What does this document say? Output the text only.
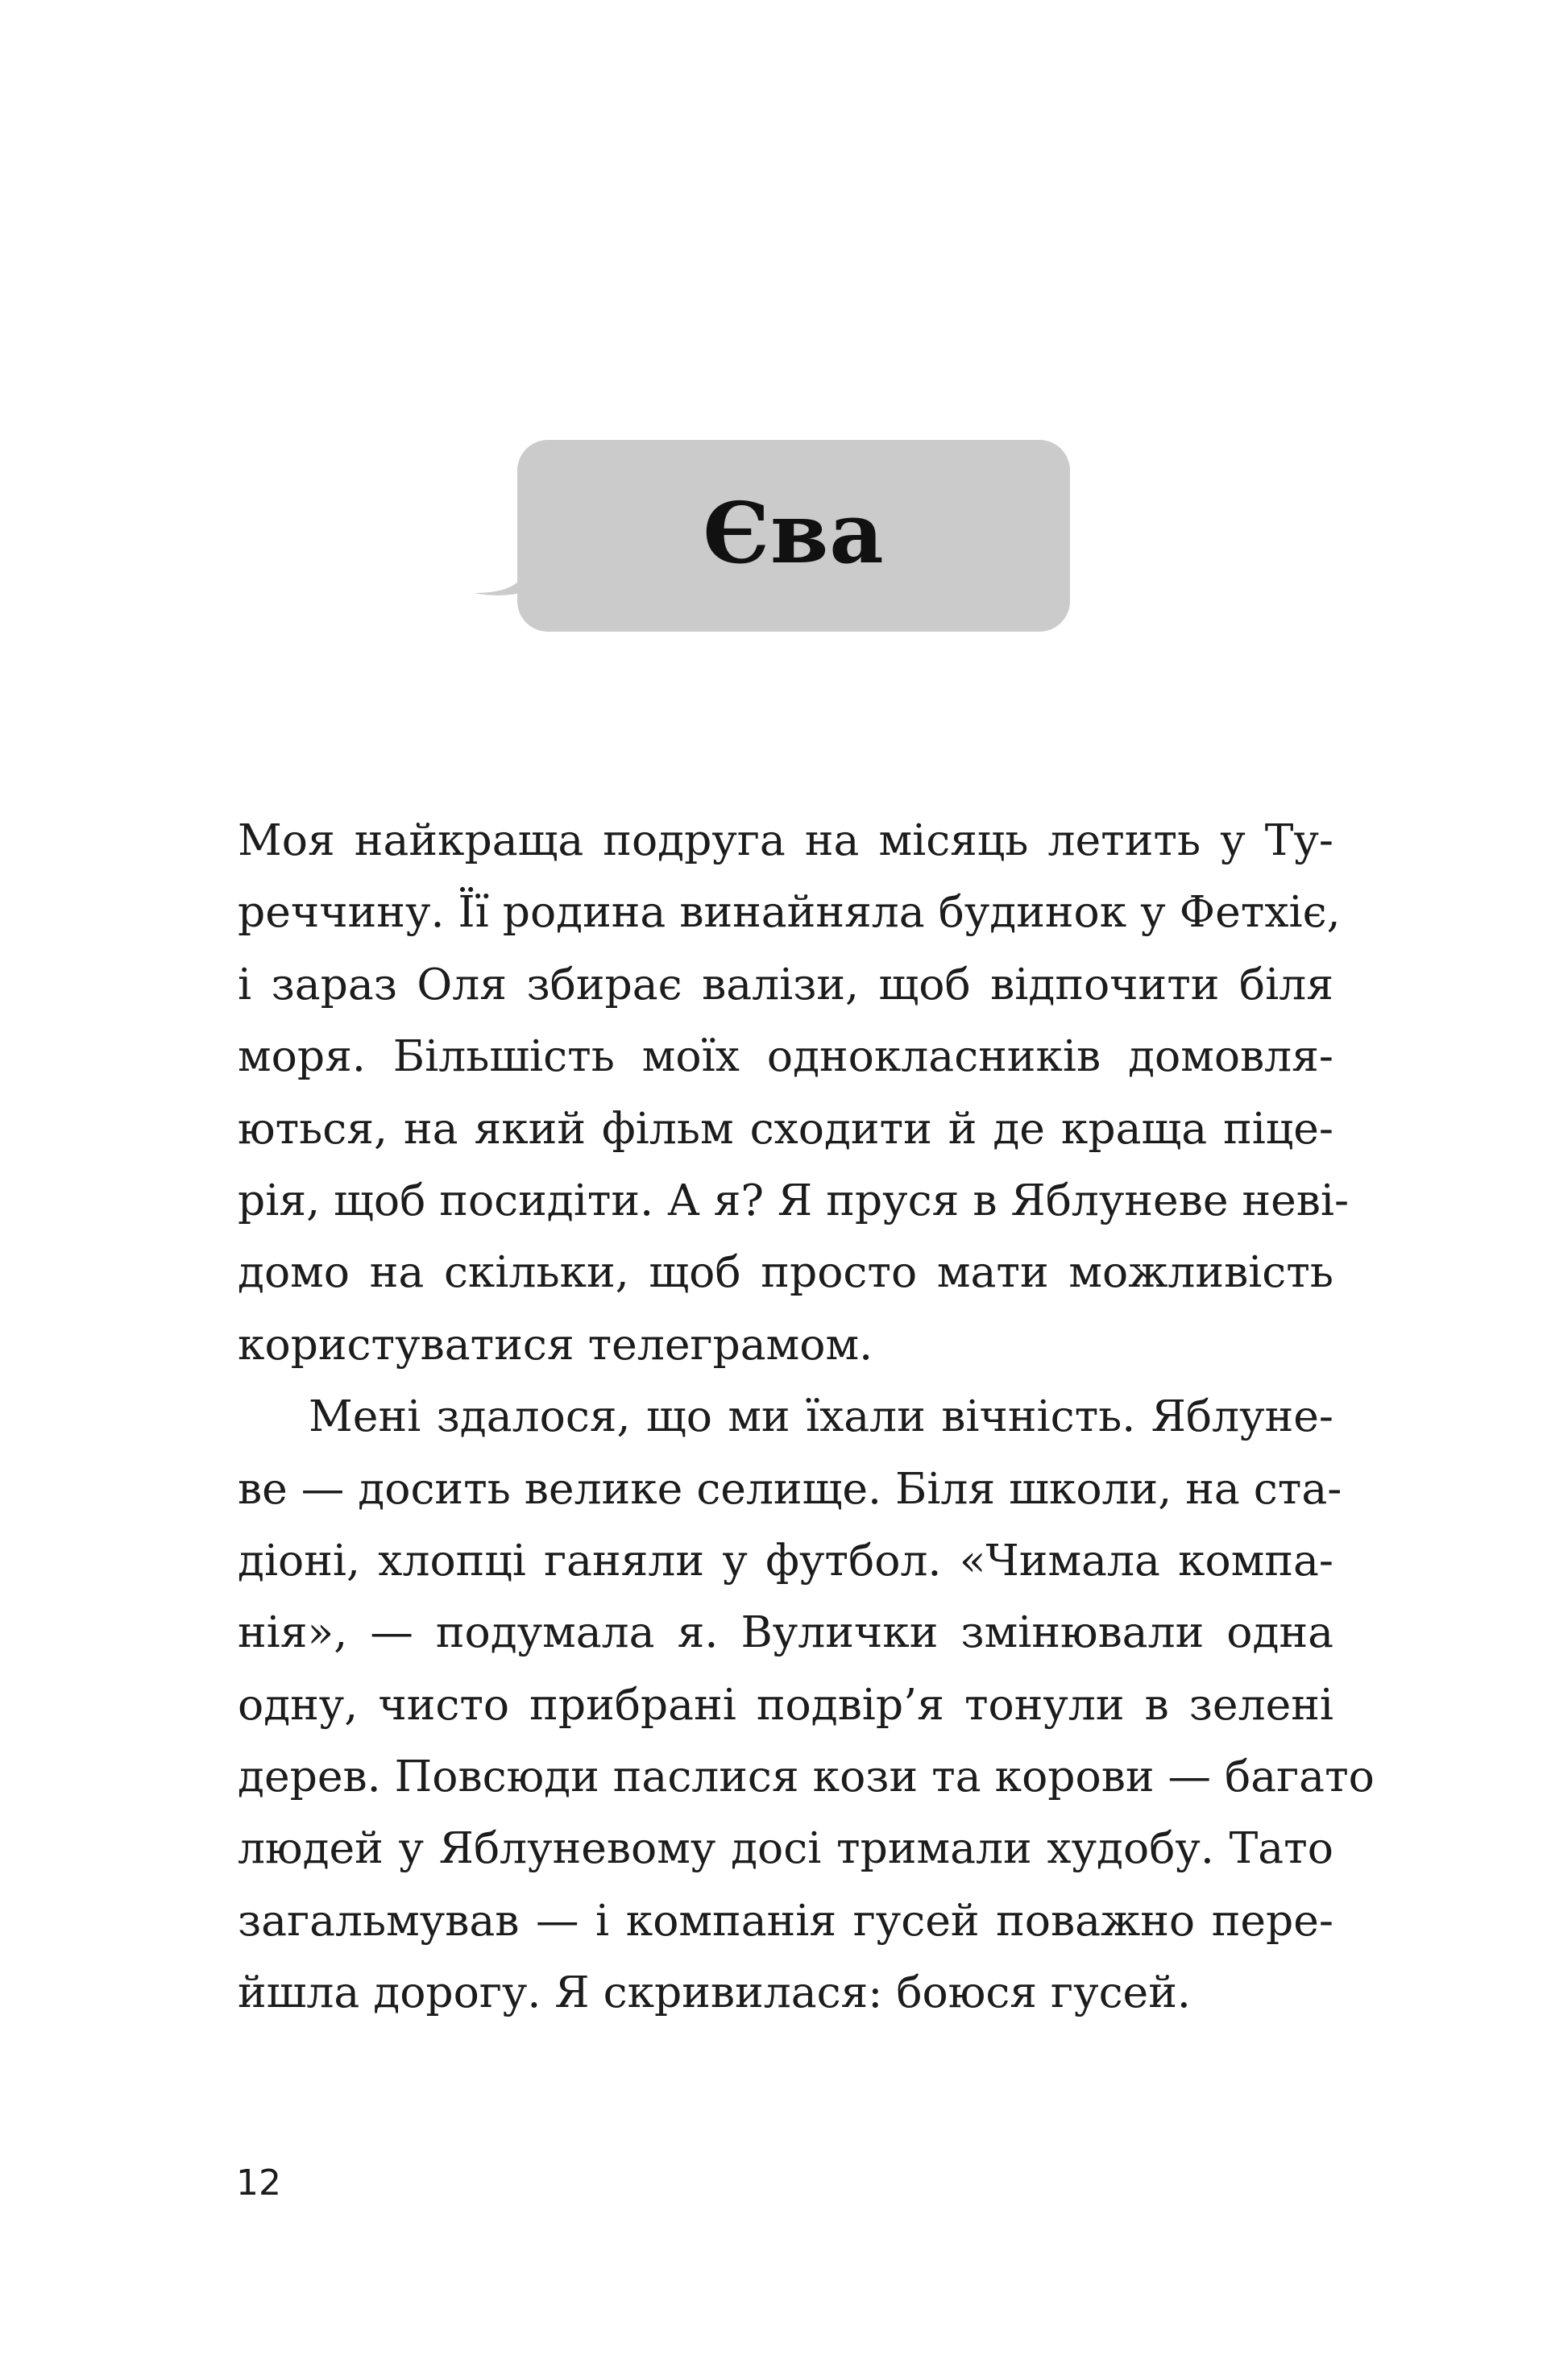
Єва
Моя найкраща подруга на місяць летить у Ту-
реччину. Її родина винайняла будинок у Фетхіє,
і зараз Оля збирає валізи, щоб відпочити біля
моря. Більшість моїх однокласників домовля-
ються, на який фільм сходити й де краща піце-
рія, щоб посидіти. А я? Я пруся в Яблуневе неві-
домо на скільки, щоб просто мати можливість
користуватися телеграмом.
Мені здалося, що ми їхали вічність. Яблуне-
ве — досить велике селище. Біля школи, на ста-
діоні, хлопці ганяли у футбол. «Чимала компа-
нія», — подумала я. Вулички змінювали одна
одну, чисто прибрані подвір’я тонули в зелені
дерев. Повсюди паслися кози та корови — багато
людей у Яблуневому досі тримали худобу. Тато
загальмував — і компанія гусей поважно пере-
йшла дорогу. Я скривилася: боюся гусей.
12
